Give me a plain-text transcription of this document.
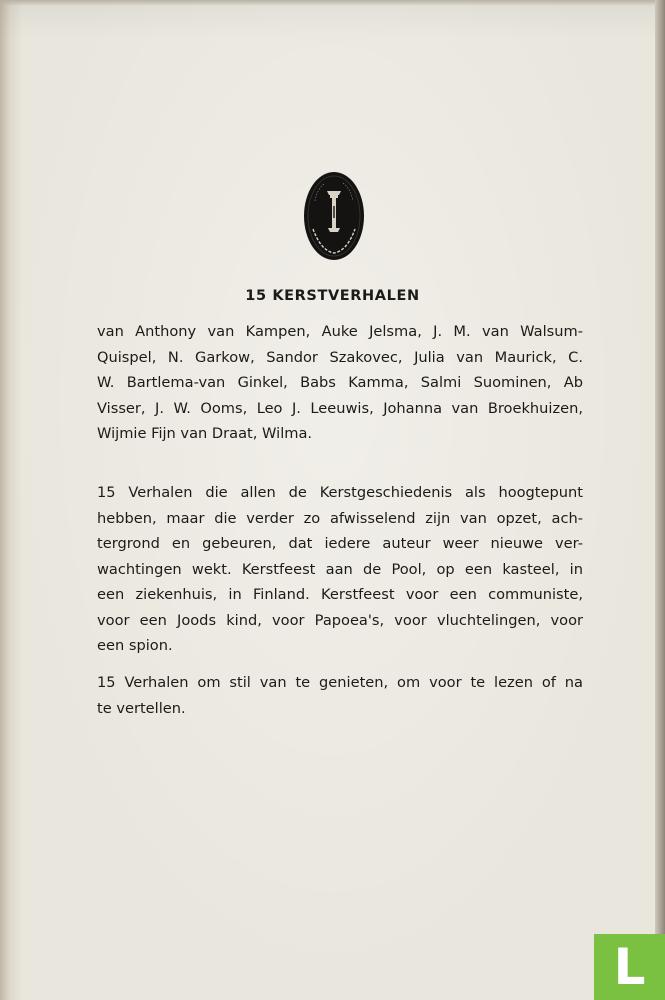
15 KERSTVERHALEN
van Anthony van Kampen, Auke Jelsma, J. M. van Walsum-
Quispel, N. Garkow, Sandor Szakovec, Julia van Maurick, C.
W. Bartlema-van Ginkel, Babs Kamma, Salmi Suominen, Ab
Visser, J. W. Ooms, Leo J. Leeuwis, Johanna van Broekhuizen,
Wijmie Fijn van Draat, Wilma.
15 Verhalen die allen de Kerstgeschiedenis als hoogtepunt
hebben, maar die verder zo afwisselend zijn van opzet, ach-
tergrond en gebeuren, dat iedere auteur weer nieuwe ver-
wachtingen wekt. Kerstfeest aan de Pool, op een kasteel, in
een ziekenhuis, in Finland. Kerstfeest voor een communiste,
voor een Joods kind, voor Papoea's, voor vluchtelingen, voor
een spion.
15 Verhalen om stil van te genieten, om voor te lezen of na
te vertellen.
L
